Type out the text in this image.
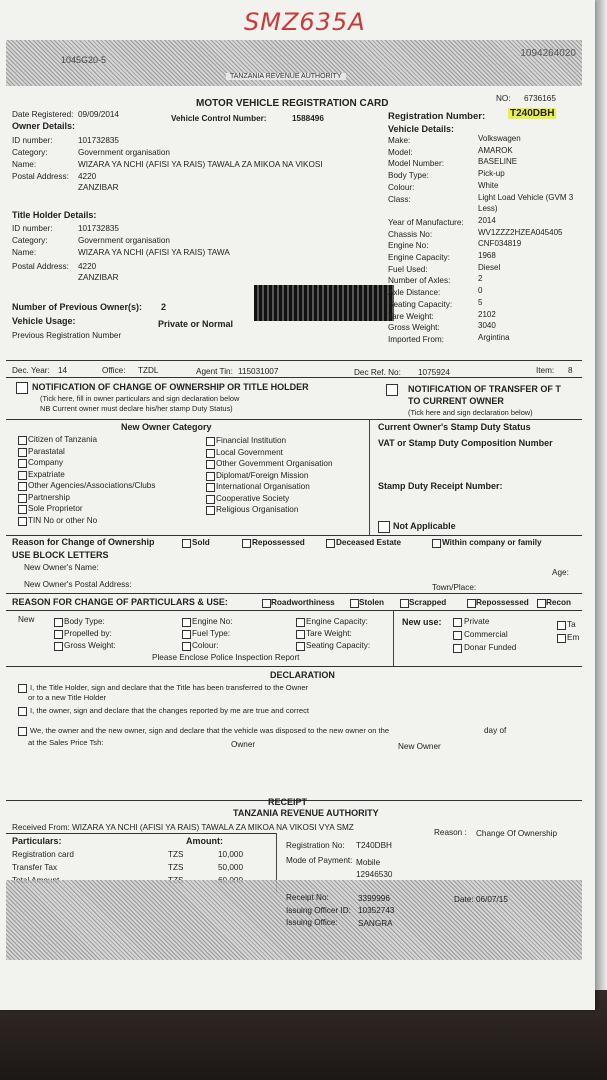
SMZ635A
1045G20-5
1094264020
TANZANIA REVENUE AUTHORITY
MOTOR VEHICLE REGISTRATION CARD	NO: 6736165
Date Registered: 09/09/2014	Vehicle Control Number:	1588496	Registration Number: T240DBH
Owner Details:
ID number:	101732835
Category:	Government organisation
Name:	WIZARA YA NCHI (AFISI YA RAIS) TAWALA ZA MIKOA NA VIKOSI
Postal Address: 4220
ZANZIBAR
Title Holder Details:
ID number:	101732835
Category:	Government organisation
Name:	WIZARA YA NCHI (AFISI YA RAIS) TAWA
Postal Address: 4220
ZANZIBAR
Vehicle Details:
Make:	Volkswagen
Model:	AMAROK
Model Number:	BASELINE
Body Type:	Pick-up
Colour:	White
Class:	Light Load Vehicle (GVM 3
Less)
Year of Manufacture: 2014
Chassis No:	WV1ZZZ2HZEA045405
Engine No:	CNF034819
Engine Capacity:	1968
Fuel Used:	Diesel
Number of Axles:	2
Axle Distance:	0
Seating Capacity:	5
Tare Weight:	2102
Gross Weight:	3040
Imported From:	Argintina
Number of Previous Owner(s): 2
Vehicle Usage:	Private or Normal
Previous Registration Number
Dec. Year: 14	Office: TZDL	Agent Tin: 115031007	Dec Ref. No: 1075924	Item: 8
NOTIFICATION OF CHANGE OF OWNERSHIP OR TITLE HOLDER
(Tick here, fill in owner particulars and sign declaration below
NB Current owner must declare his/her stamp Duty Status)
NOTIFICATION OF TRANSFER OF T
TO CURRENT OWNER
(Tick here and sign declaration below)
New Owner Category	Current Owner's Stamp Duty Status
Citizen of Tanzania
Parastatal
Company
Expatriate
Other Agencies/Associations/Clubs
Partnership
Sole Proprietor
TIN No or other No
Financial Institution
Local Government
Other Government Organisation
Diplomat/Foreign Mission
International Organisation
Cooperative Society
Religious Organisation
VAT or Stamp Duty Composition Number
Stamp Duty Receipt Number:
Not Applicable
Reason for Change of Ownership	Sold	Repossessed	Deceased Estate	Within company or family
USE BLOCK LETTERS
New Owner's Name:
Age:
New Owner's Postal Address:	Town/Place:
REASON FOR CHANGE OF PARTICULARS & USE:	Roadworthiness	Stolen	Scrapped	Repossessed Recon
New	Body Type:
Propelled by:
Gross Weight:
Engine No:
Fuel Type:
Colour:
Engine Capacity:
Tare Weight:
Seating Capacity:
Please Enclose Police Inspection Report
New use:	Private
Commercial
Donar Funded
Ta
Em
DECLARATION
I, the Title Holder, sign and declare that the Title has been transferred to the Owner
or to a new Title Holder
I, the owner, sign and declare that the changes reported by me are true and correct
We, the owner and the new owner, sign and declare that the vehicle was disposed to the new owner on the
at the Sales Price Tsh:
day of
Owner	New Owner
RECEIPT
TANZANIA REVENUE AUTHORITY
Received From: WIZARA YA NCHI (AFISI YA RAIS) TAWALA ZA MIKOA NA VIKOSI VYA SMZ
Reason : Change Of Ownership
Particulars:	Amount:
Registration card	TZS	10,000
Transfer Tax	TZS	50,000
Registration No: T240DBH
Mode of Payment: Mobile
12946530
Receipt No:	3399996	Date: 06/07/15
Issuing Officer ID: 10352743
Issuing Office: SANGRA
